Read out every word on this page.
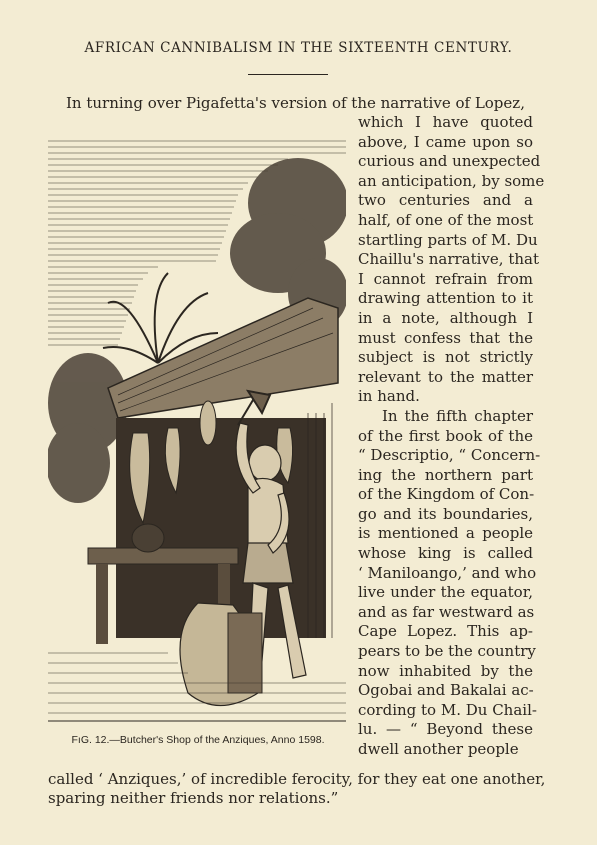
AFRICAN CANNIBALISM IN THE SIXTEENTH CENTURY.
In turning over Pigafetta's version of the narrative of Lopez,
FıG. 12.—Butcher's Shop of the Anziques, Anno 1598.
which I have quoted
above, I came upon so
curious and unexpected
an anticipation, by some
two centuries and a
half, of one of the most
startling parts of M. Du
Chaillu's narrative, that
I cannot refrain from
drawing attention to it
in a note, although I
must confess that the
subject is not strictly
relevant to the matter
in hand.
In the fifth chapter
of the first book of the
“ Descriptio, “ Concern-
ing the northern part
of the Kingdom of Con-
go and its boundaries,
is mentioned a people
whose king is called
‘ Maniloango,’ and who
live under the equator,
and as far westward as
Cape Lopez. This ap-
pears to be the country
now inhabited by the
Ogobai and Bakalai ac-
cording to M. Du Chail-
lu. — “ Beyond these
dwell another people
called ‘ Anziques,’ of incredible ferocity, for they eat one another,
sparing neither friends nor relations.”
